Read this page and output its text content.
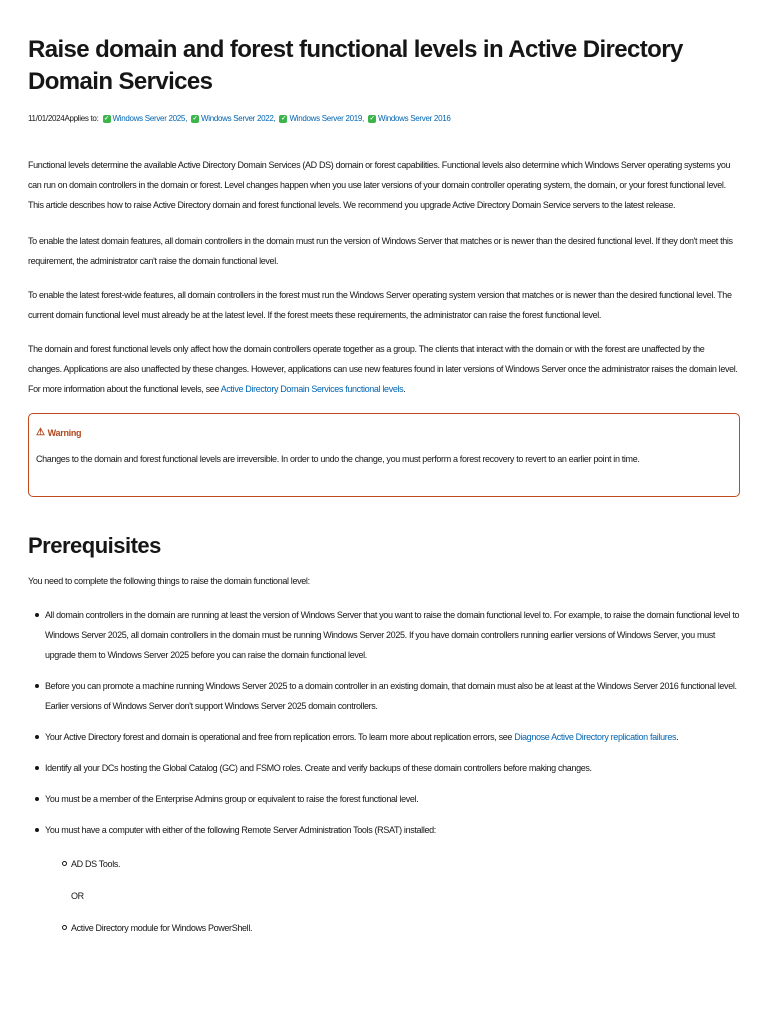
Raise domain and forest functional levels in Active Directory Domain Services
11/01/2024 Applies to: ✓ Windows Server 2025, ✓ Windows Server 2022, ✓ Windows Server 2019, ✓ Windows Server 2016

Functional levels determine the available Active Directory Domain Services (AD DS) domain or forest capabilities. Functional levels also determine which Windows Server operating systems you can run on domain controllers in the domain or forest. Level changes happen when you use later versions of your domain controller operating system, the domain, or your forest functional level. This article describes how to raise Active Directory domain and forest functional levels. We recommend you upgrade Active Directory Domain Service servers to the latest release.

To enable the latest domain features, all domain controllers in the domain must run the version of Windows Server that matches or is newer than the desired functional level. If they don't meet this requirement, the administrator can't raise the domain functional level.

To enable the latest forest-wide features, all domain controllers in the forest must run the Windows Server operating system version that matches or is newer than the desired functional level. The current domain functional level must already be at the latest level. If the forest meets these requirements, the administrator can raise the forest functional level.

The domain and forest functional levels only affect how the domain controllers operate together as a group. The clients that interact with the domain or with the forest are unaffected by the changes. Applications are also unaffected by these changes. However, applications can use new features found in later versions of Windows Server once the administrator raises the domain level. For more information about the functional levels, see Active Directory Domain Services functional levels.

⚠ Warning
Changes to the domain and forest functional levels are irreversible. In order to undo the change, you must perform a forest recovery to revert to an earlier point in time.
Prerequisites

You need to complete the following things to raise the domain functional level:

All domain controllers in the domain are running at least the version of Windows Server that you want to raise the domain functional level to. For example, to raise the domain functional level to Windows Server 2025, all domain controllers in the domain must be running Windows Server 2025. If you have domain controllers running earlier versions of Windows Server, you must upgrade them to Windows Server 2025 before you can raise the domain functional level.
Before you can promote a machine running Windows Server 2025 to a domain controller in an existing domain, that domain must also be at least at the Windows Server 2016 functional level. Earlier versions of Windows Server don't support Windows Server 2025 domain controllers.
Your Active Directory forest and domain is operational and free from replication errors. To learn more about replication errors, see Diagnose Active Directory replication failures.
Identify all your DCs hosting the Global Catalog (GC) and FSMO roles. Create and verify backups of these domain controllers before making changes.
You must be a member of the Enterprise Admins group or equivalent to raise the forest functional level.
You must have a computer with either of the following Remote Server Administration Tools (RSAT) installed:
AD DS Tools.
OR
Active Directory module for Windows PowerShell.
